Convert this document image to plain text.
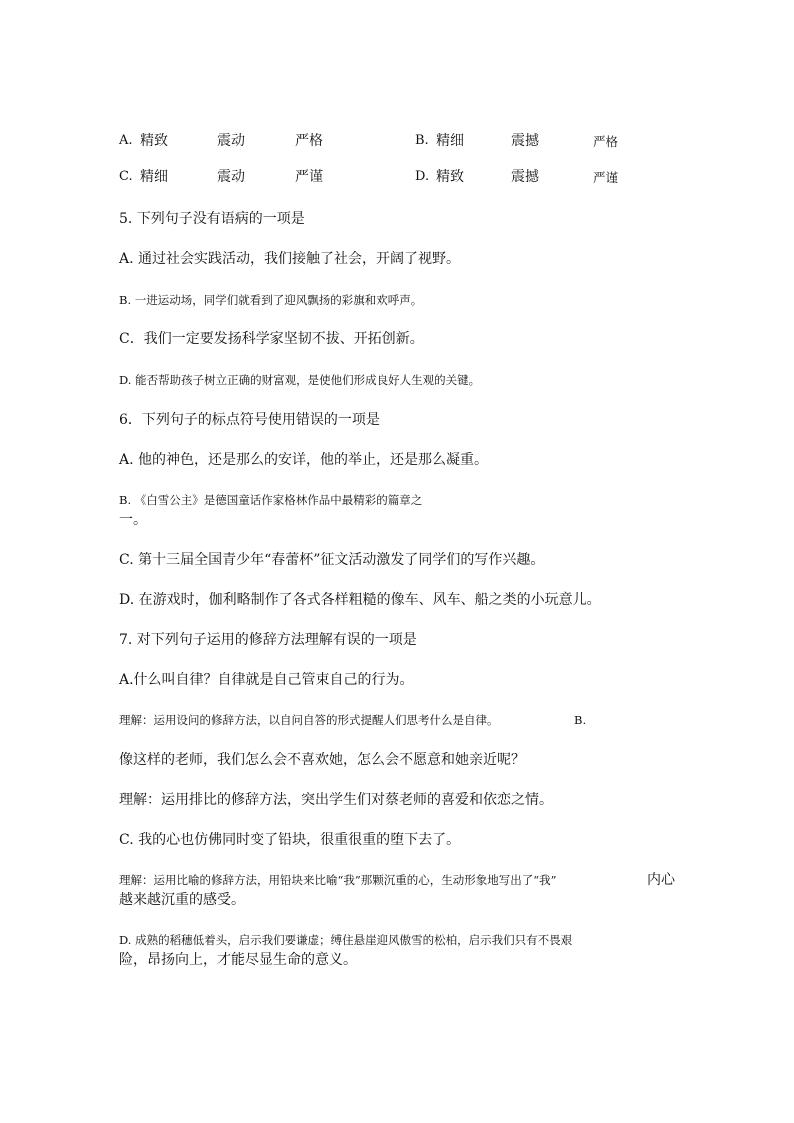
A. 精致	震动	严格	B. 精细	震撼	严格
C. 精细	震动	严谨	D. 精致	震撼	严谨
5. 下列句子没有语病的一项是
A. 通过社会实践活动，我们接触了社会，开阔了视野。
B. 一进运动场，同学们就看到了迎风飘扬的彩旗和欢呼声。
C．我们一定要发扬科学家坚韧不拔、开拓创新。
D. 能否帮助孩子树立正确的财富观，是使他们形成良好人生观的关键。
6．下列句子的标点符号使用错误的一项是
A. 他的神色，还是那么的安详，他的举止，还是那么凝重。
B. 《白雪公主》是德国童话作家格林作品中最精彩的篇章之
一。
C. 第十三届全国青少年“春蕾杯”征文活动激发了同学们的写作兴趣。
D. 在游戏时，伽利略制作了各式各样粗糙的像车、风车、船之类的小玩意儿。
7. 对下列句子运用的修辞方法理解有误的一项是
A.什么叫自律？自律就是自己管束自己的行为。
理解：运用设问的修辞方法，以自问自答的形式提醒人们思考什么是自律。	B.
像这样的老师，我们怎么会不喜欢她，怎么会不愿意和她亲近呢？
理解：运用排比的修辞方法，突出学生们对蔡老师的喜爱和依恋之情。
C. 我的心也仿佛同时变了铅块，很重很重的堕下去了。
理解：运用比喻的修辞方法，用铅块来比喻“我”那颗沉重的心，生动形象地写出了“我”	内心
越来越沉重的感受。
D. 成熟的稻穗低着头，启示我们要谦虚；缚住悬崖迎风傲雪的松柏，启示我们只有不畏艰
险，昂扬向上，才能尽显生命的意义。
